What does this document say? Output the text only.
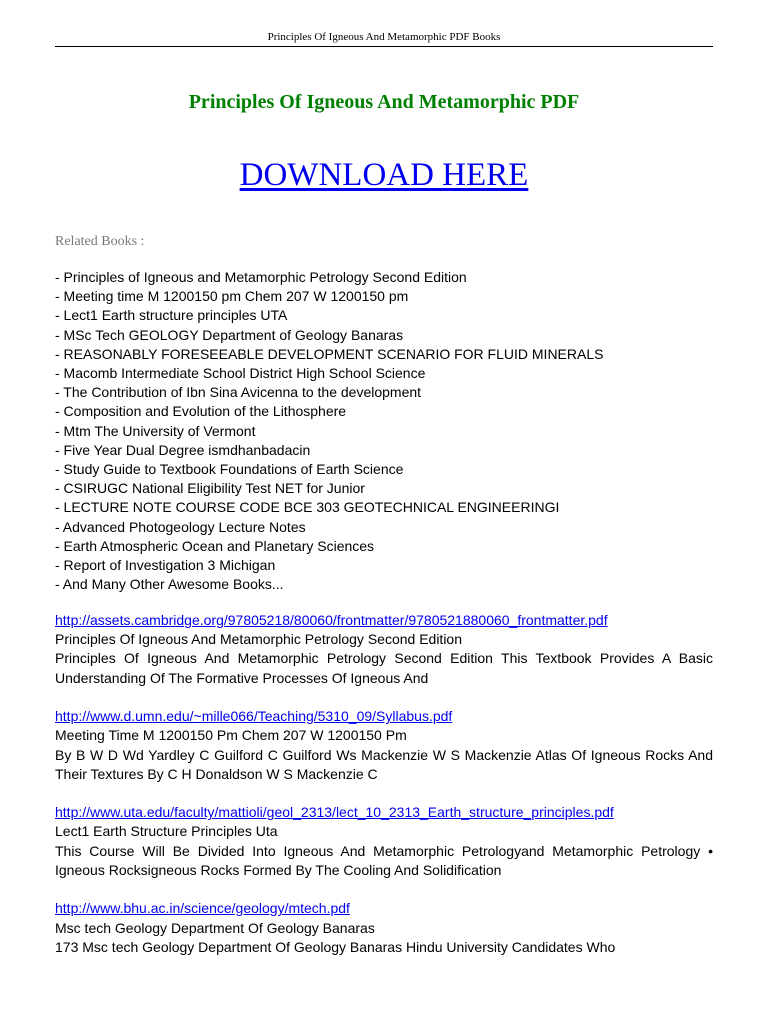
Principles Of Igneous And Metamorphic PDF Books
Principles Of Igneous And Metamorphic PDF
DOWNLOAD HERE
Related Books :
- Principles of Igneous and Metamorphic Petrology Second Edition
- Meeting time M 1200150 pm Chem 207 W 1200150 pm
- Lect1 Earth structure principles UTA
- MSc Tech GEOLOGY Department of Geology Banaras
- REASONABLY FORESEEABLE DEVELOPMENT SCENARIO FOR FLUID MINERALS
- Macomb Intermediate School District High School Science
- The Contribution of Ibn Sina Avicenna to the development
- Composition and Evolution of the Lithosphere
- Mtm The University of Vermont
- Five Year Dual Degree ismdhanbadacin
- Study Guide to Textbook Foundations of Earth Science
- CSIRUGC National Eligibility Test NET for Junior
- LECTURE NOTE COURSE CODE BCE 303 GEOTECHNICAL ENGINEERINGI
- Advanced Photogeology Lecture Notes
- Earth Atmospheric Ocean and Planetary Sciences
- Report of Investigation 3 Michigan
- And Many Other Awesome Books...
http://assets.cambridge.org/97805218/80060/frontmatter/9780521880060_frontmatter.pdf
Principles Of Igneous And Metamorphic Petrology Second Edition
Principles Of Igneous And Metamorphic Petrology Second Edition This Textbook Provides A Basic Understanding Of The Formative Processes Of Igneous And
http://www.d.umn.edu/~mille066/Teaching/5310_09/Syllabus.pdf
Meeting Time M 1200150 Pm Chem 207 W 1200150 Pm
By B W D Wd Yardley C Guilford C Guilford Ws Mackenzie W S Mackenzie Atlas Of Igneous Rocks And Their Textures By C H Donaldson W S Mackenzie C
http://www.uta.edu/faculty/mattioli/geol_2313/lect_10_2313_Earth_structure_principles.pdf
Lect1 Earth Structure Principles Uta
This Course Will Be Divided Into Igneous And Metamorphic Petrologyand Metamorphic Petrology • Igneous Rocksigneous Rocks Formed By The Cooling And Solidification
http://www.bhu.ac.in/science/geology/mtech.pdf
Msc tech Geology Department Of Geology Banaras
173 Msc tech Geology Department Of Geology Banaras Hindu University Candidates Who
